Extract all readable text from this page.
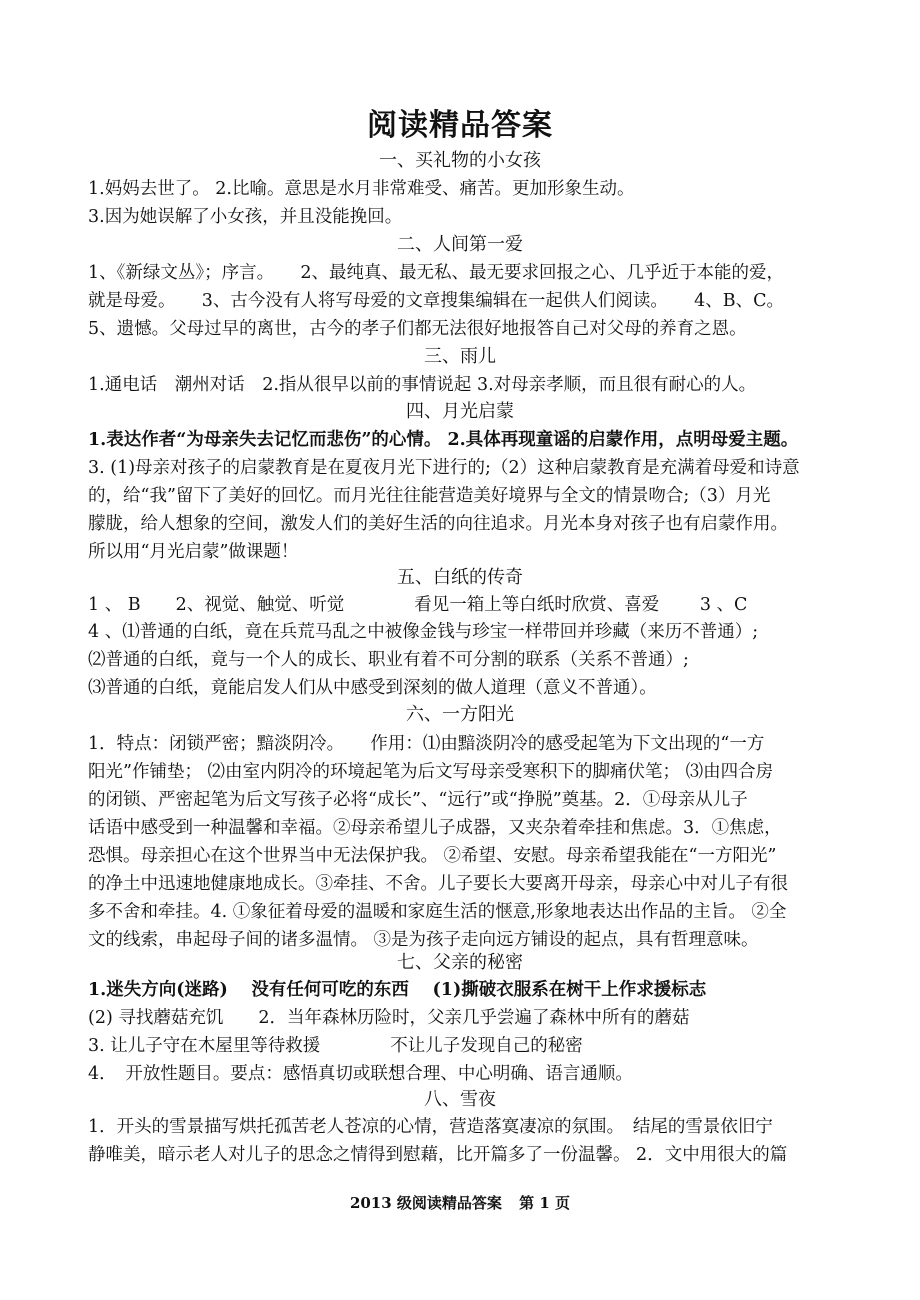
阅读精品答案
一、买礼物的小女孩
1.妈妈去世了。 2.比喻。意思是水月非常难受、痛苦。更加形象生动。
3.因为她误解了小女孩，并且没能挽回。
二、人间第一爱
1、《新绿文丛》；序言。　　2、最纯真、最无私、最无要求回报之心、几乎近于本能的爱，
就是母爱。　　3、古今没有人将写母爱的文章搜集编辑在一起供人们阅读。　　4、B、C。
5、遗憾。父母过早的离世，古今的孝子们都无法很好地报答自己对父母的养育之恩。
三、雨儿
1.通电话　潮州对话　2.指从很早以前的事情说起 3.对母亲孝顺，而且很有耐心的人。
四、月光启蒙
1.表达作者“为母亲失去记忆而悲伤”的心情。 2.具体再现童谣的启蒙作用，点明母爱主题。
3. (1)母亲对孩子的启蒙教育是在夏夜月光下进行的;（2）这种启蒙教育是充满着母爱和诗意
的，给“我”留下了美好的回忆。而月光往往能营造美好境界与全文的情景吻合;（3）月光
朦胧，给人想象的空间，激发人们的美好生活的向往追求。月光本身对孩子也有启蒙作用。
所以用“月光启蒙”做课题！
五、白纸的传奇
1 、 B　　2、视觉、触觉、听觉　　　　看见一箱上等白纸时欣赏、喜爱　　 3 、C
4 、⑴普通的白纸，竟在兵荒马乱之中被像金钱与珍宝一样带回并珍藏（来历不普通）;
⑵普通的白纸，竟与一个人的成长、职业有着不可分割的联系（关系不普通）;
⑶普通的白纸，竟能启发人们从中感受到深刻的做人道理（意义不普通）。
六、一方阳光
1．特点：闭锁严密；黯淡阴冷。　　作用：⑴由黯淡阴冷的感受起笔为下文出现的“一方
阳光”作铺垫； ⑵由室内阴冷的环境起笔为后文写母亲受寒积下的脚痛伏笔； ⑶由四合房
的闭锁、严密起笔为后文写孩子必将“成长”、“远行”或“挣脱”奠基。2．①母亲从儿子
话语中感受到一种温馨和幸福。②母亲希望儿子成器，又夹杂着牵挂和焦虑。3．①焦虑，
恐惧。母亲担心在这个世界当中无法保护我。 ②希望、安慰。母亲希望我能在“一方阳光”
的净土中迅速地健康地成长。③牵挂、不舍。儿子要长大要离开母亲，母亲心中对儿子有很
多不舍和牵挂。4. ①象征着母爱的温暖和家庭生活的惬意,形象地表达出作品的主旨。 ②全
文的线索，串起母子间的诸多温情。 ③是为孩子走向远方铺设的起点，具有哲理意味。
七、父亲的秘密
1.迷失方向(迷路)　 没有任何可吃的东西　 (1)撕破衣服系在树干上作求援标志
(2) 寻找蘑菇充饥　　2．当年森林历险时，父亲几乎尝遍了森林中所有的蘑菇
3. 让儿子守在木屋里等待救援　　　　不让儿子发现自己的秘密
4．　开放性题目。要点：感悟真切或联想合理、中心明确、语言通顺。
八、雪夜
1．开头的雪景描写烘托孤苦老人苍凉的心情，营造落寞凄凉的氛围。　结尾的雪景依旧宁
静唯美，暗示老人对儿子的思念之情得到慰藉，比开篇多了一份温馨。 2．文中用很大的篇
2013 级阅读精品答案 第 1 页
